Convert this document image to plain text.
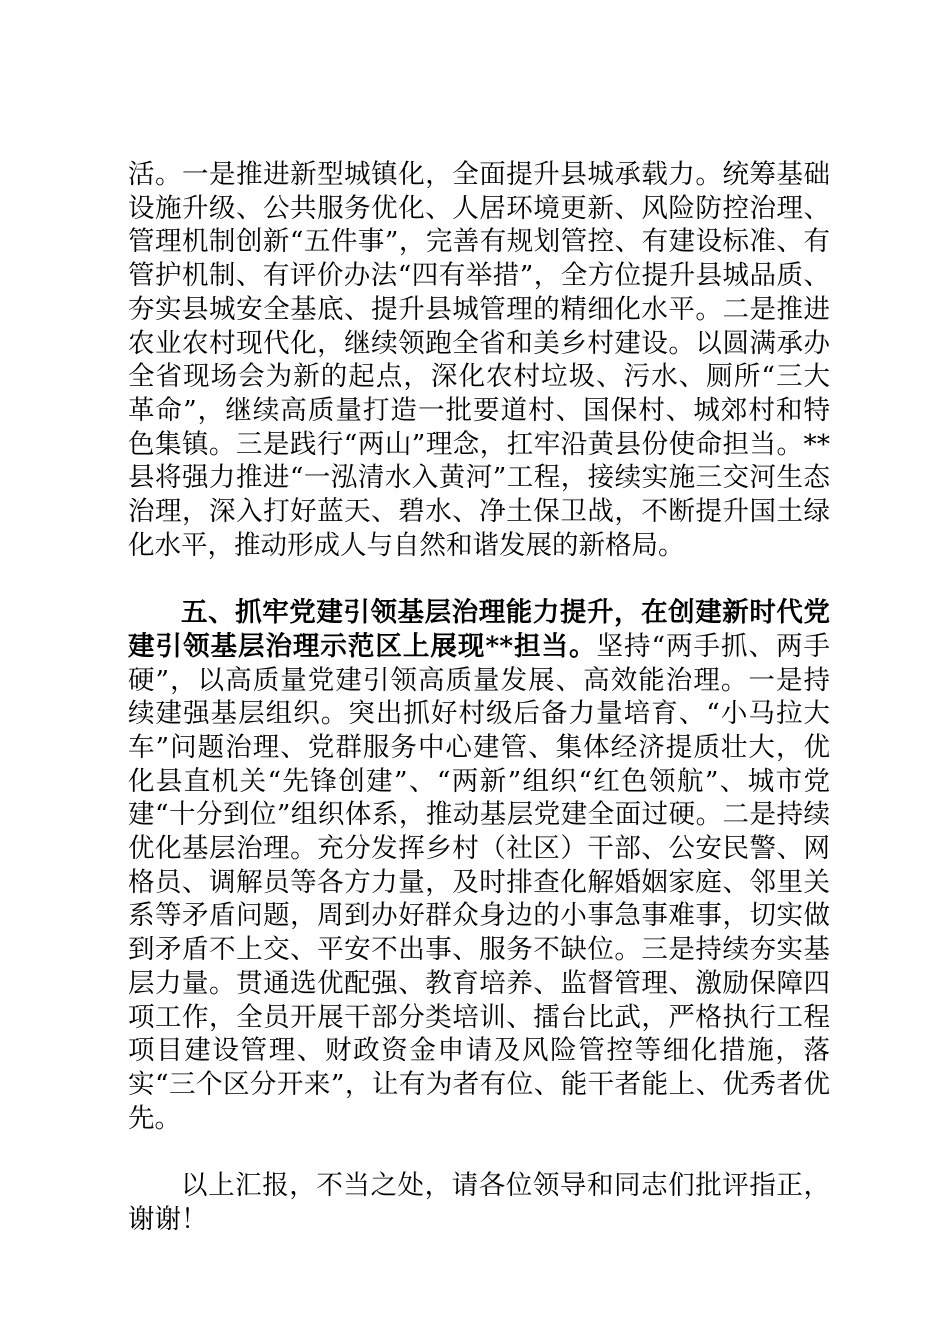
活。一是推进新型城镇化，全面提升县城承载力。统筹基础设施升级、公共服务优化、人居环境更新、风险防控治理、管理机制创新“五件事”，完善有规划管控、有建设标准、有管护机制、有评价办法“四有举措”，全方位提升县城品质、夯实县城安全基底、提升县城管理的精细化水平。二是推进农业农村现代化，继续领跑全省和美乡村建设。以圆满承办全省现场会为新的起点，深化农村垃圾、污水、厕所“三大革命”，继续高质量打造一批要道村、国保村、城郊村和特色集镇。三是践行“两山”理念，扛牢沿黄县份使命担当。**县将强力推进“一泓清水入黄河”工程，接续实施三交河生态治理，深入打好蓝天、碧水、净土保卫战，不断提升国土绿化水平，推动形成人与自然和谐发展的新格局。

五、抓牢党建引领基层治理能力提升，在创建新时代党建引领基层治理示范区上展现**担当。坚持“两手抓、两手硬”，以高质量党建引领高质量发展、高效能治理。一是持续建强基层组织。突出抓好村级后备力量培育、“小马拉大车”问题治理、党群服务中心建管、集体经济提质壮大，优化县直机关“先锋创建”、“两新”组织“红色领航”、城市党建“十分到位”组织体系，推动基层党建全面过硬。二是持续优化基层治理。充分发挥乡村（社区）干部、公安民警、网格员、调解员等各方力量，及时排查化解婚姻家庭、邻里关系等矛盾问题，周到办好群众身边的小事急事难事，切实做到矛盾不上交、平安不出事、服务不缺位。三是持续夯实基层力量。贯通选优配强、教育培养、监督管理、激励保障四项工作，全员开展干部分类培训、擂台比武，严格执行工程项目建设管理、财政资金申请及风险管控等细化措施，落实“三个区分开来”，让有为者有位、能干者能上、优秀者优先。

以上汇报，不当之处，请各位领导和同志们批评指正，谢谢！
